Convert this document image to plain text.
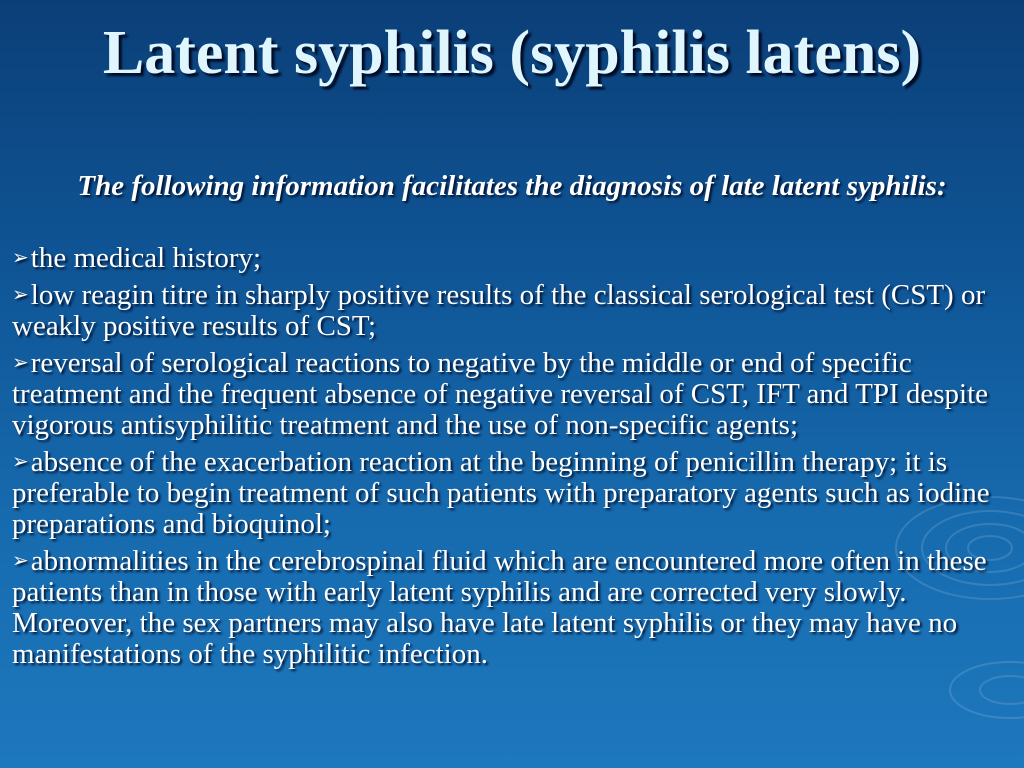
Latent syphilis (syphilis latens)

The following information facilitates the diagnosis of late latent syphilis:

➢the medical history;
➢low reagin titre in sharply positive results of the classical serological test (CST) or weakly positive results of CST;
➢reversal of serological reactions to negative by the middle or end of specific treatment and the frequent absence of negative reversal of CST, IFT and TPI despite vigorous antisyphilitic treatment and the use of non-specific agents;
➢absence of the exacerbation reaction at the beginning of penicillin therapy; it is preferable to begin treatment of such patients with preparatory agents such as iodine preparations and bioquinol;
➢abnormalities in the cerebrospinal fluid which are encountered more often in these patients than in those with early latent syphilis and are corrected very slowly. Moreover, the sex partners may also have late latent syphilis or they may have no manifestations of the syphilitic infection.
